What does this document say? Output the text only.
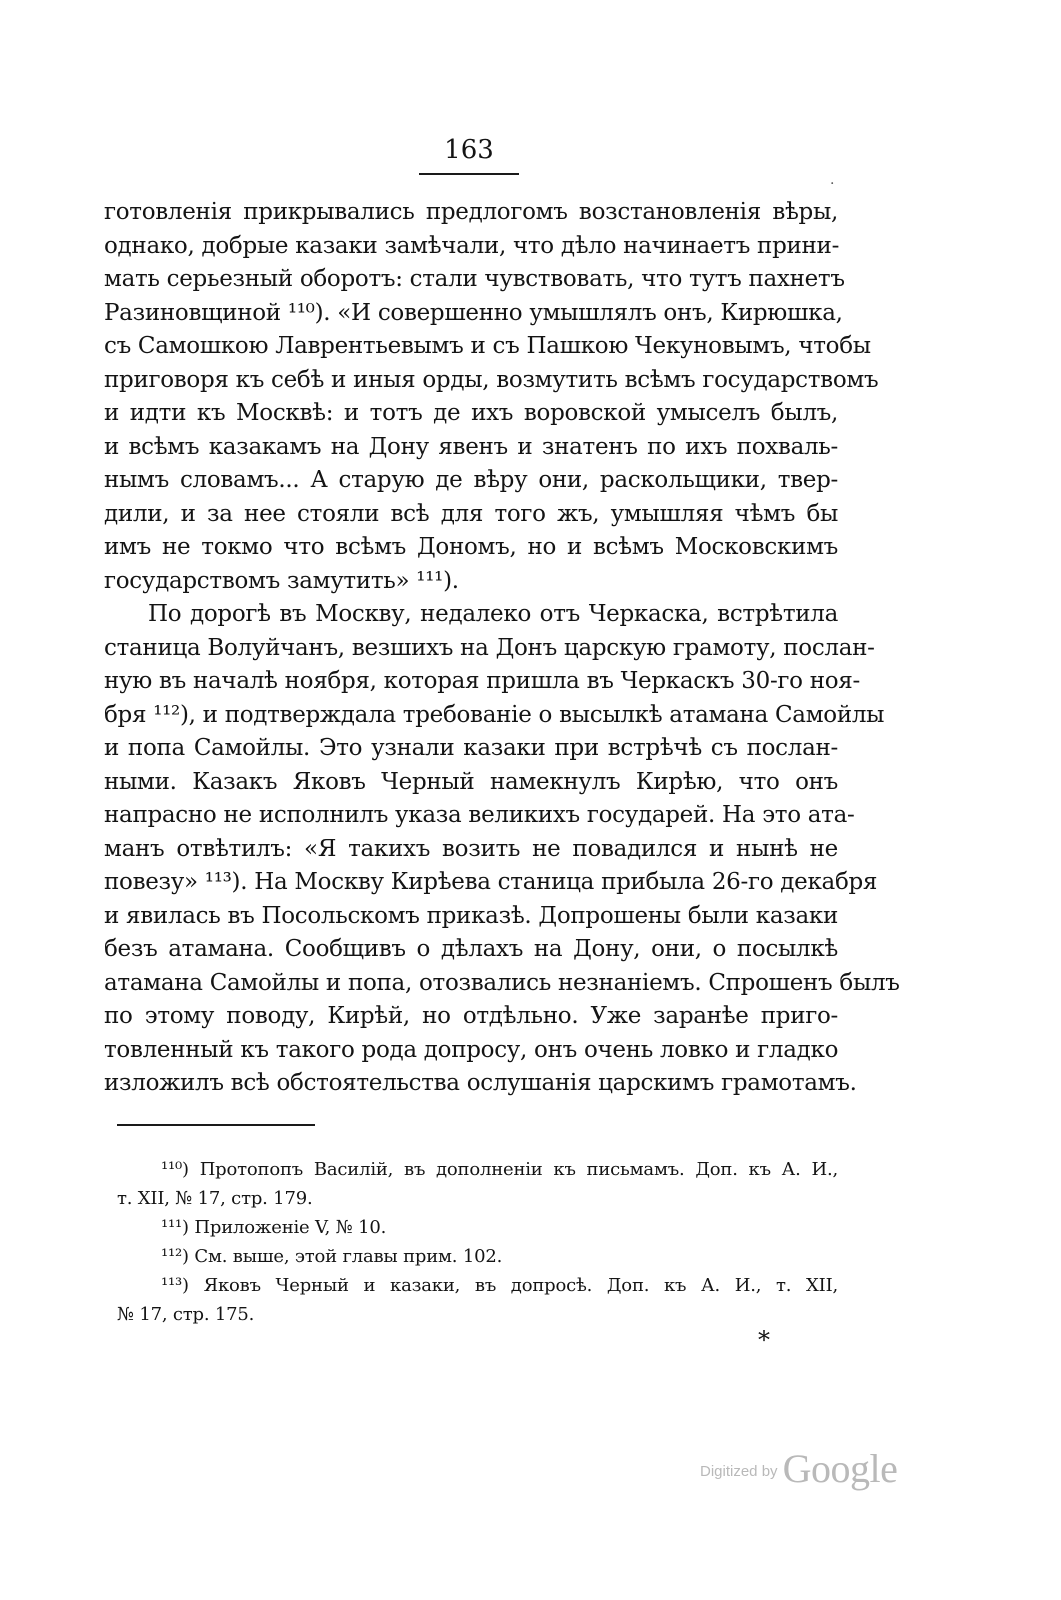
163
·
готовленія прикрывались предлогомъ возстановленія вѣры,
однако, добрые казаки замѣчали, что дѣло начинаетъ прини-
мать серьезный оборотъ: стали чувствовать, что тутъ пахнетъ
Разиновщиной ¹¹⁰). «И совершенно умышлялъ онъ, Кирюшка,
съ Самошкою Лаврентьевымъ и съ Пашкою Чекуновымъ, чтобы
приговоря къ себѣ и иныя орды, возмутить всѣмъ государствомъ
и идти къ Москвѣ: и тотъ де ихъ воровской умыселъ былъ,
и всѣмъ казакамъ на Дону явенъ и знатенъ по ихъ похваль-
нымъ словамъ... А старую де вѣру они, раскольщики, твер-
дили, и за нее стояли всѣ для того жъ, умышляя чѣмъ бы
имъ не токмо что всѣмъ Дономъ, но и всѣмъ Московскимъ
государствомъ замутить» ¹¹¹).
По дорогѣ въ Москву, недалеко отъ Черкаска, встрѣтила
станица Волуйчанъ, везшихъ на Донъ царскую грамоту, послан-
ную въ началѣ ноября, которая пришла въ Черкаскъ 30-го ноя-
бря ¹¹²), и подтверждала требованіе о высылкѣ атамана Самойлы
и попа Самойлы. Это узнали казаки при встрѣчѣ съ послан-
ными. Казакъ Яковъ Черный намекнулъ Кирѣю, что онъ
напрасно не исполнилъ указа великихъ государей. На это ата-
манъ отвѣтилъ: «Я такихъ возить не повадился и нынѣ не
повезу» ¹¹³). На Москву Кирѣева станица прибыла 26-го декабря
и явилась въ Посольскомъ приказѣ. Допрошены были казаки
безъ атамана. Сообщивъ о дѣлахъ на Дону, они, о посылкѣ
атамана Самойлы и попа, отозвались незнаніемъ. Спрошенъ былъ
по этому поводу, Кирѣй, но отдѣльно. Уже заранѣе приго-
товленный къ такого рода допросу, онъ очень ловко и гладко
изложилъ всѣ обстоятельства ослушанія царскимъ грамотамъ.
¹¹⁰) Протопопъ Василій, въ дополненіи къ письмамъ. Доп. къ А. И.,
т. XII, № 17, стр. 179.
¹¹¹) Приложеніе V, № 10.
¹¹²) См. выше, этой главы прим. 102.
¹¹³) Яковъ Черный и казаки, въ допросѣ. Доп. къ А. И., т. XII,
№ 17, стр. 175.
*
Digitized by Google
